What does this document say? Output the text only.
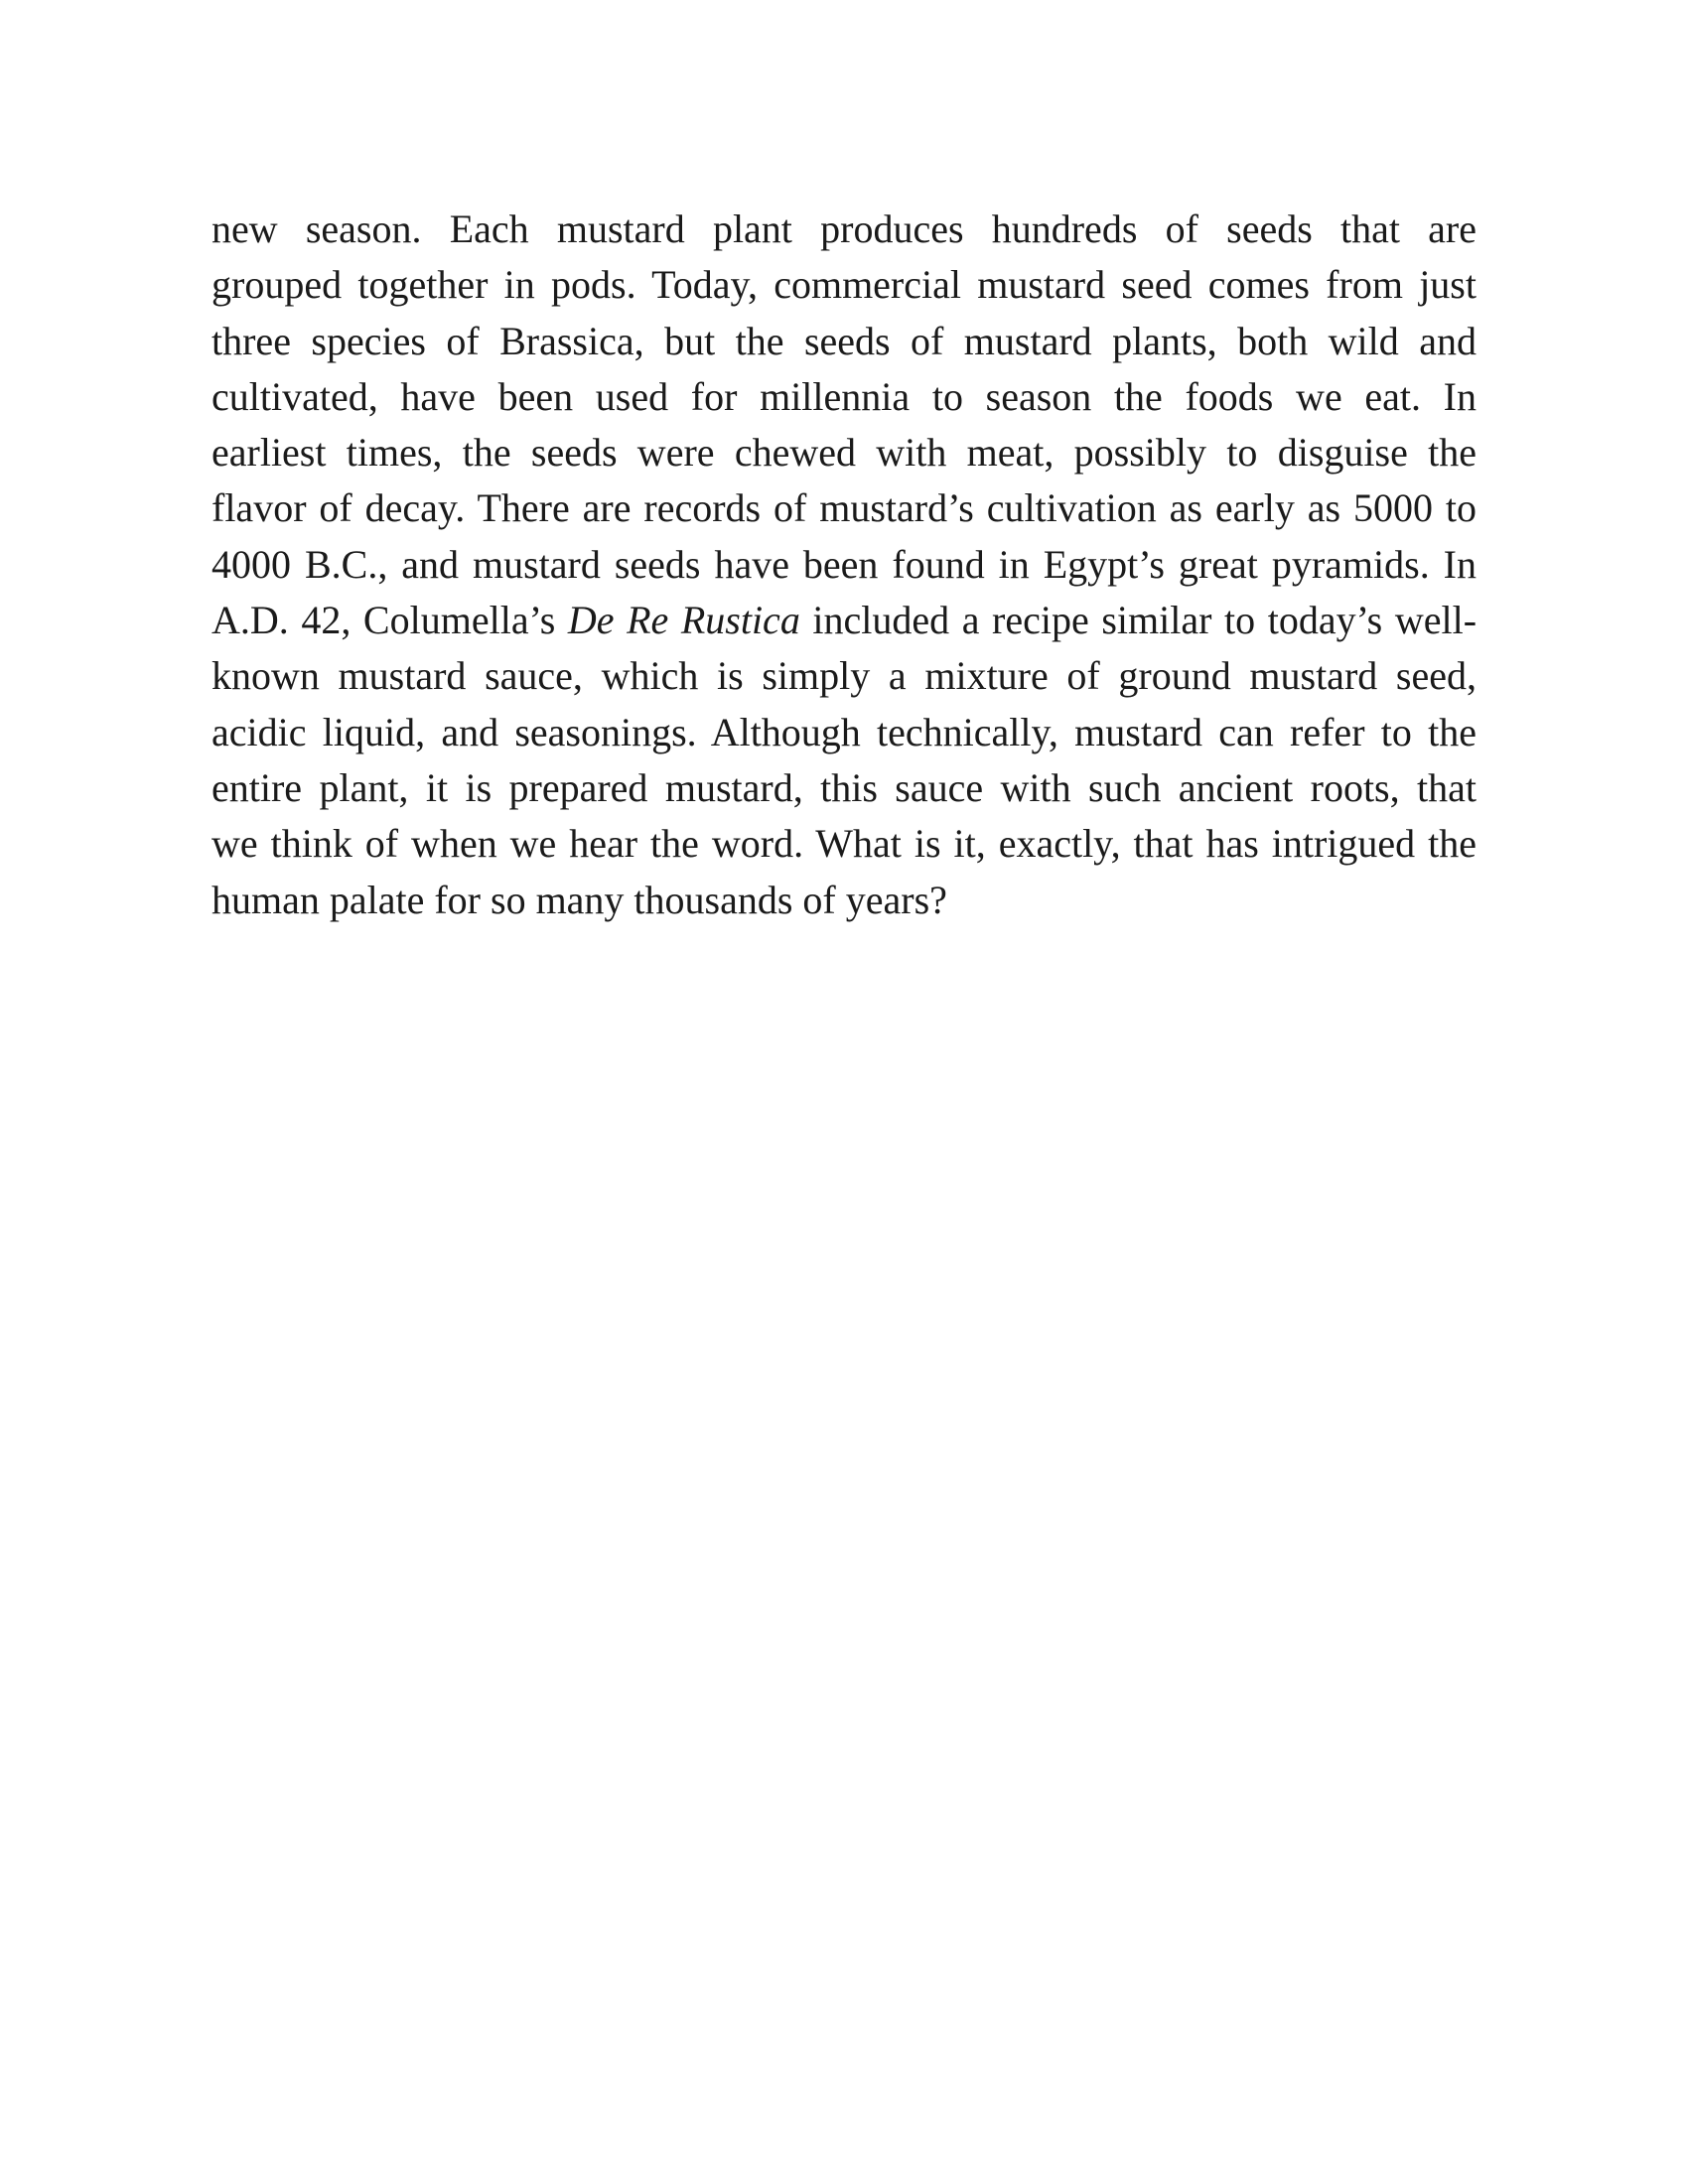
new season. Each mustard plant produces hundreds of seeds that are
grouped together in pods. Today, commercial mustard seed comes from just
three species of Brassica, but the seeds of mustard plants, both wild and
cultivated, have been used for millennia to season the foods we eat. In
earliest times, the seeds were chewed with meat, possibly to disguise the
flavor of decay. There are records of mustard’s cultivation as early as 5000 to
4000 B.C., and mustard seeds have been found in Egypt’s great pyramids. In
A.D. 42, Columella’s De Re Rustica included a recipe similar to today’s well-
known mustard sauce, which is simply a mixture of ground mustard seed,
acidic liquid, and seasonings. Although technically, mustard can refer to the
entire plant, it is prepared mustard, this sauce with such ancient roots, that
we think of when we hear the word. What is it, exactly, that has intrigued the
human palate for so many thousands of years?
